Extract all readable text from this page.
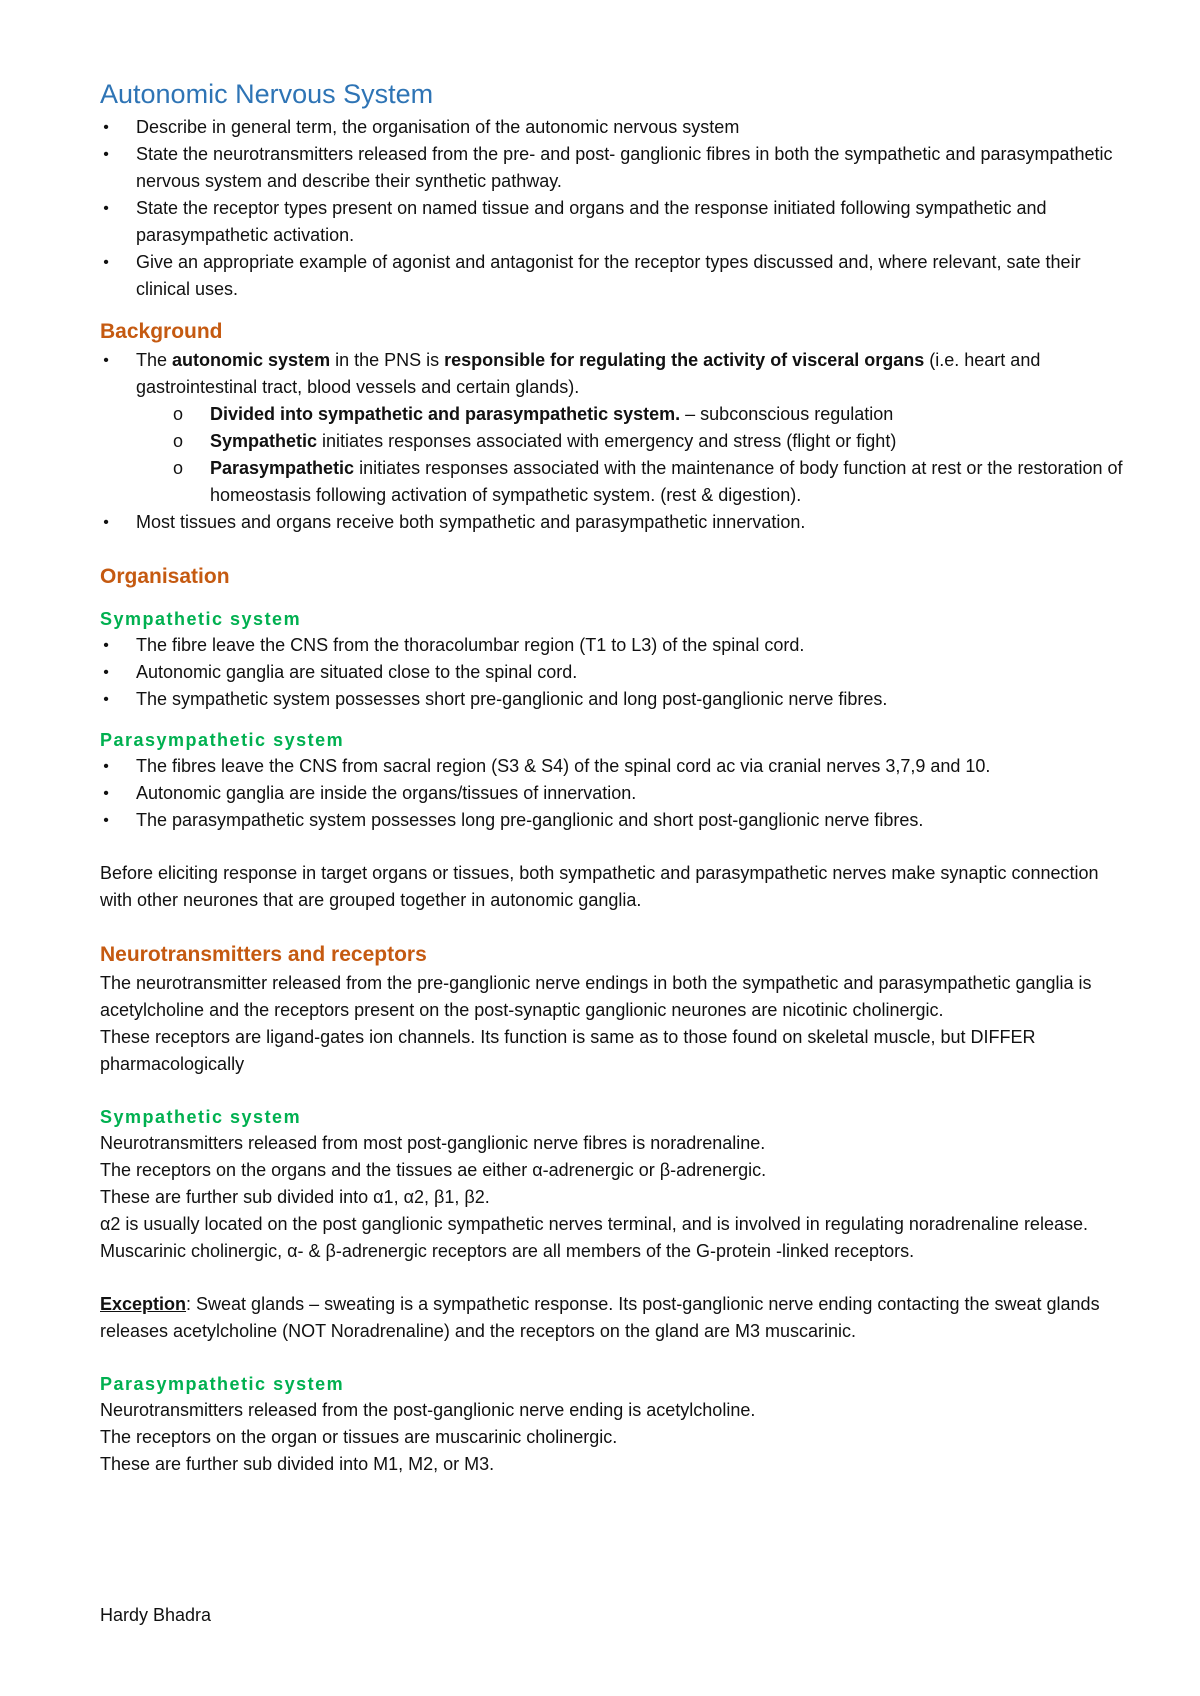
Autonomic Nervous System
• Describe in general term, the organisation of the autonomic nervous system
• State the neurotransmitters released from the pre- and post- ganglionic fibres in both the sympathetic and parasympathetic nervous system and describe their synthetic pathway.
• State the receptor types present on named tissue and organs and the response initiated following sympathetic and parasympathetic activation.
• Give an appropriate example of agonist and antagonist for the receptor types discussed and, where relevant, sate their clinical uses.
Background
• The autonomic system in the PNS is responsible for regulating the activity of visceral organs (i.e. heart and gastrointestinal tract, blood vessels and certain glands).
o Divided into sympathetic and parasympathetic system. – subconscious regulation
o Sympathetic initiates responses associated with emergency and stress (flight or fight)
o Parasympathetic initiates responses associated with the maintenance of body function at rest or the restoration of homeostasis following activation of sympathetic system. (rest & digestion).
• Most tissues and organs receive both sympathetic and parasympathetic innervation.
Organisation
Sympathetic system
• The fibre leave the CNS from the thoracolumbar region (T1 to L3) of the spinal cord.
• Autonomic ganglia are situated close to the spinal cord.
• The sympathetic system possesses short pre-ganglionic and long post-ganglionic nerve fibres.
Parasympathetic system
• The fibres leave the CNS from sacral region (S3 & S4) of the spinal cord ac via cranial nerves 3,7,9 and 10.
• Autonomic ganglia are inside the organs/tissues of innervation.
• The parasympathetic system possesses long pre-ganglionic and short post-ganglionic nerve fibres.

Before eliciting response in target organs or tissues, both sympathetic and parasympathetic nerves make synaptic connection with other neurones that are grouped together in autonomic ganglia.

Neurotransmitters and receptors

The neurotransmitter released from the pre-ganglionic nerve endings in both the sympathetic and parasympathetic ganglia is acetylcholine and the receptors present on the post-synaptic ganglionic neurones are nicotinic cholinergic.

These receptors are ligand-gates ion channels. Its function is same as to those found on skeletal muscle, but DIFFER pharmacologically

Sympathetic system

Neurotransmitters released from most post-ganglionic nerve fibres is noradrenaline.

The receptors on the organs and the tissues ae either α-adrenergic or β-adrenergic.

These are further sub divided into α1, α2, β1, β2.

α2 is usually located on the post ganglionic sympathetic nerves terminal, and is involved in regulating noradrenaline release.

Muscarinic cholinergic, α- & β-adrenergic receptors are all members of the G-protein -linked receptors.

Exception: Sweat glands – sweating is a sympathetic response. Its post-ganglionic nerve ending contacting the sweat glands releases acetylcholine (NOT Noradrenaline) and the receptors on the gland are M3 muscarinic.

Parasympathetic system

Neurotransmitters released from the post-ganglionic nerve ending is acetylcholine.

The receptors on the organ or tissues are muscarinic cholinergic.

These are further sub divided into M1, M2, or M3.

Hardy Bhadra
